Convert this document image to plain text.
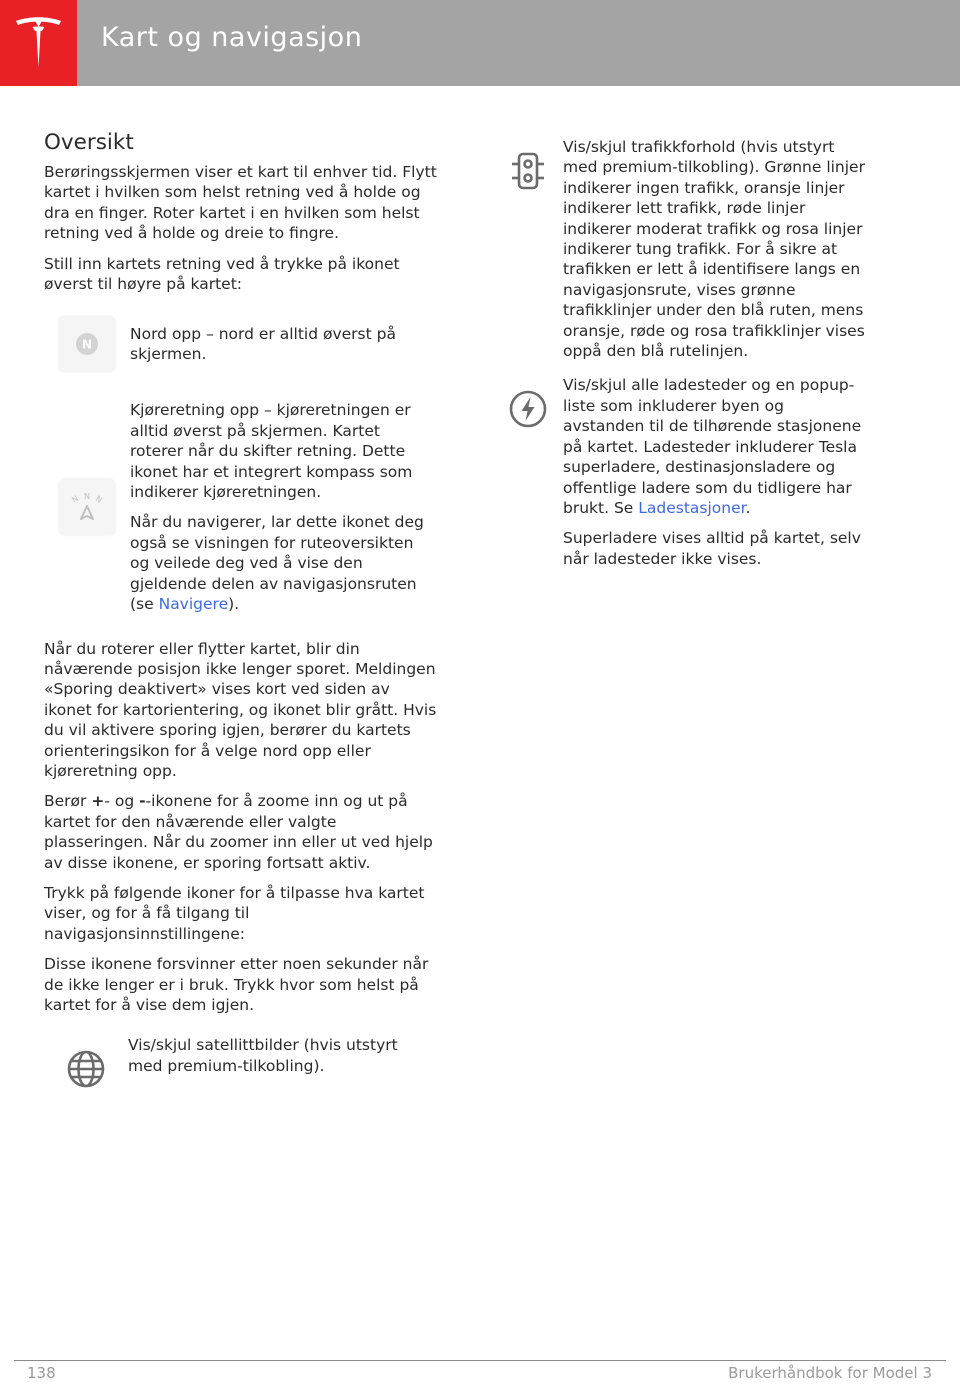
Kart og navigasjon
Oversikt

Berøringsskjermen viser et kart til enhver tid. Flytt kartet i hvilken som helst retning ved å holde og dra en finger. Roter kartet i en hvilken som helst retning ved å holde og dreie to fingre.

Still inn kartets retning ved å trykke på ikonet øverst til høyre på kartet:

N

Nord opp – nord er alltid øverst på skjermen.

N N N

Kjøreretning opp – kjøreretningen er alltid øverst på skjermen. Kartet roterer når du skifter retning. Dette ikonet har et integrert kompass som indikerer kjøreretningen.

Når du navigerer, lar dette ikonet deg også se visningen for ruteoversikten og veilede deg ved å vise den gjeldende delen av navigasjonsruten (se Navigere).

Når du roterer eller flytter kartet, blir din nåværende posisjon ikke lenger sporet. Meldingen «Sporing deaktivert» vises kort ved siden av ikonet for kartorientering, og ikonet blir grått. Hvis du vil aktivere sporing igjen, berører du kartets orienteringsikon for å velge nord opp eller kjøreretning opp.

Berør +- og --ikonene for å zoome inn og ut på kartet for den nåværende eller valgte plasseringen. Når du zoomer inn eller ut ved hjelp av disse ikonene, er sporing fortsatt aktiv.

Trykk på følgende ikoner for å tilpasse hva kartet viser, og for å få tilgang til navigasjonsinnstillingene:

Disse ikonene forsvinner etter noen sekunder når de ikke lenger er i bruk. Trykk hvor som helst på kartet for å vise dem igjen.

Vis/skjul satellittbilder (hvis utstyrt med premium-tilkobling).

Vis/skjul trafikkforhold (hvis utstyrt med premium-tilkobling). Grønne linjer indikerer ingen trafikk, oransje linjer indikerer lett trafikk, røde linjer indikerer moderat trafikk og rosa linjer indikerer tung trafikk. For å sikre at trafikken er lett å identifisere langs en navigasjonsrute, vises grønne trafikklinjer under den blå ruten, mens oransje, røde og rosa trafikklinjer vises oppå den blå rutelinjen.

Vis/skjul alle ladesteder og en popup-liste som inkluderer byen og avstanden til de tilhørende stasjonene på kartet. Ladesteder inkluderer Tesla superladere, destinasjonsladere og offentlige ladere som du tidligere har brukt. Se Ladestasjoner.

Superladere vises alltid på kartet, selv når ladesteder ikke vises.

138	Brukerhåndbok for Model 3
